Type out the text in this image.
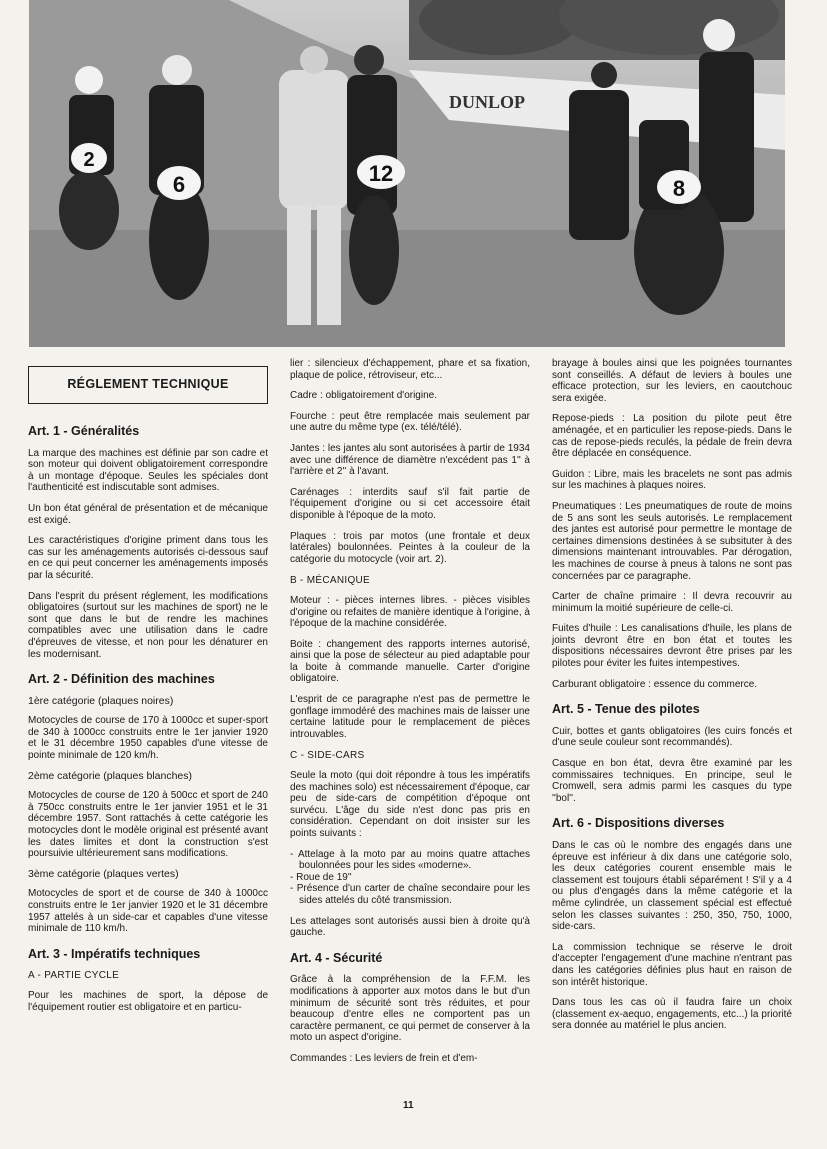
DUNLOP
2
6	12
8
RÉGLEMENT TECHNIQUE
Art. 1 - Généralités

La marque des machines est définie par son cadre et son moteur qui doivent obligatoirement correspondre à un montage d'époque. Seules les spéciales dont l'authenticité est indiscutable sont admises.

Un bon état général de présentation et de mécanique est exigé.

Les caractéristiques d'origine priment dans tous les cas sur les aménagements autorisés ci-dessous sauf en ce qui peut concerner les aménagements imposés par la sécurité.

Dans l'esprit du présent réglement, les modifications obligatoires (surtout sur les machines de sport) ne le sont que dans le but de rendre les machines compatibles avec une utilisation dans le cadre d'épreuves de vitesse, et non pour les dénaturer en les modernisant.

Art. 2 - Définition des machines
1ère catégorie (plaques noires)

Motocycles de course de 170 à 1000cc et super-sport de 340 à 1000cc construits entre le 1er janvier 1920 et le 31 décembre 1950 capables d'une vitesse de pointe minimale de 120 km/h.

2ème catégorie (plaques blanches)

Motocycles de course de 120 à 500cc et sport de 240 à 750cc construits entre le 1er janvier 1951 et le 31 décembre 1957. Sont rattachés à cette catégorie les motocycles dont le modèle original est présenté avant les dates limites et dont la construction s'est poursuivie ultérieurement sans modifications.

3ème catégorie (plaques vertes)

Motocycles de sport et de course de 340 à 1000cc construits entre le 1er janvier 1920 et le 31 décembre 1957 attelés à un side-car et capables d'une vitesse minimale de 110 km/h.

Art. 3 - Impératifs techniques
A - PARTIE CYCLE

Pour les machines de sport, la dépose de l'équipement routier est obligatoire et en particu-

lier : silencieux d'échappement, phare et sa fixation, plaque de police, rétroviseur, etc...

Cadre : obligatoirement d'origine.

Fourche : peut être remplacée mais seulement par une autre du même type (ex. télé/télé).

Jantes : les jantes alu sont autorisées à partir de 1934 avec une différence de diamètre n'excédent pas 1'' à l'arrière et 2'' à l'avant.

Carénages : interdits sauf s'il fait partie de l'équipement d'origine ou si cet accessoire était disponible à l'époque de la moto.

Plaques : trois par motos (une frontale et deux latérales) boulonnées. Peintes à la couleur de la catégorie du motocycle (voir art. 2).

B - MÉCANIQUE

Moteur : - pièces internes libres. - pièces visibles d'origine ou refaites de manière identique à l'origine, à l'époque de la machine considérée.

Boite : changement des rapports internes autorisé, ainsi que la pose de sélecteur au pied adaptable pour la boite à commande manuelle. Carter d'origine obligatoire.

L'esprit de ce paragraphe n'est pas de permettre le gonflage immodéré des machines mais de laisser une certaine latitude pour le remplacement de pièces introuvables.

C - SIDE-CARS

Seule la moto (qui doit répondre à tous les impératifs des machines solo) est nécessairement d'époque, car peu de side-cars de compétition d'époque ont survécu. L'âge du side n'est donc pas pris en considération. Cependant on doit insister sur les points suivants :

- Attelage à la moto par au moins quatre attaches boulonnées pour les sides «moderne».
- Roue de 19''
- Présence d'un carter de chaîne secondaire pour les sides attelés du côté transmission.

Les attelages sont autorisés aussi bien à droite qu'à gauche.

Art. 4 - Sécurité

Grâce à la compréhension de la F.F.M. les modifications à apporter aux motos dans le but d'un minimum de sécurité sont très réduites, et pour beaucoup d'entre elles ne comportent pas un caractère permanent, ce qui permet de conserver à la moto un aspect d'origine.

Commandes : Les leviers de frein et d'em-

brayage à boules ainsi que les poignées tournantes sont conseillés. A défaut de leviers à boules une efficace protection, sur les leviers, en caoutchouc sera exigée.

Repose-pieds : La position du pilote peut être aménagée, et en particulier les repose-pieds. Dans le cas de repose-pieds reculés, la pédale de frein devra être déplacée en conséquence.

Guidon : Libre, mais les bracelets ne sont pas admis sur les machines à plaques noires.

Pneumatiques : Les pneumatiques de route de moins de 5 ans sont les seuls autorisés. Le remplacement des jantes est autorisé pour permettre le montage de certaines dimensions destinées à se subsituter à des dimensions maintenant introuvables. Par dérogation, les machines de course à pneus à talons ne sont pas concernées par ce paragraphe.

Carter de chaîne primaire : Il devra recouvrir au minimum la moitié supérieure de celle-ci.

Fuites d'huile : Les canalisations d'huile, les plans de joints devront être en bon état et toutes les dispositions nécessaires devront être prises par les pilotes pour éviter les fuites intempestives.

Carburant obligatoire : essence du commerce.

Art. 5 - Tenue des pilotes

Cuir, bottes et gants obligatoires (les cuirs foncés et d'une seule couleur sont recommandés).

Casque en bon état, devra être examiné par les commissaires techniques. En principe, seul le Cromwell, sera admis parmi les casques du type ''bol''.

Art. 6 - Dispositions diverses

Dans le cas où le nombre des engagés dans une épreuve est inférieur à dix dans une catégorie solo, les deux catégories courent ensemble mais le classement est toujours établi séparément ! S'il y a 4 ou plus d'engagés dans la même catégorie et la même cylindrée, un classement spécial est effectué selon les classes suivantes : 250, 350, 750, 1000, side-cars.

La commission technique se réserve le droit d'accepter l'engagement d'une machine n'entrant pas dans les catégories définies plus haut en raison de son intérêt historique.

Dans tous les cas où il faudra faire un choix (classement ex-aequo, engagements, etc...) la priorité sera donnée au matériel le plus ancien.

11
